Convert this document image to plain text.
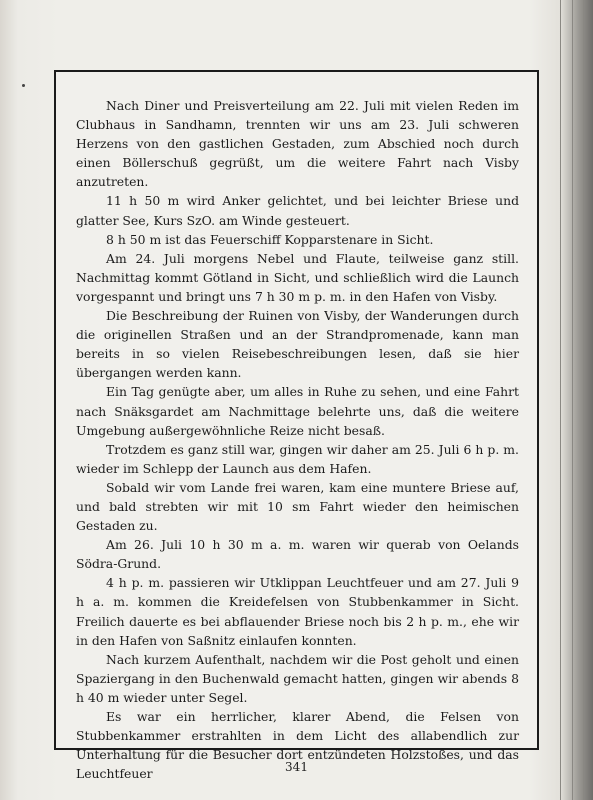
Nach Diner und Preisverteilung am 22. Juli mit vielen Reden im Clubhaus in Sandhamn, trennten wir uns am 23. Juli schweren Herzens von den gastlichen Gestaden, zum Abschied noch durch einen Böllerschuß gegrüßt, um die weitere Fahrt nach Visby anzutreten.

11 h 50 m wird Anker gelichtet, und bei leichter Briese und glatter See, Kurs SzO. am Winde gesteuert.

8 h 50 m ist das Feuerschiff Kopparstenare in Sicht.

Am 24. Juli morgens Nebel und Flaute, teilweise ganz still. Nachmittag kommt Götland in Sicht, und schließlich wird die Launch vorgespannt und bringt uns 7 h 30 m p. m. in den Hafen von Visby.

Die Beschreibung der Ruinen von Visby, der Wanderungen durch die originellen Straßen und an der Strandpromenade, kann man bereits in so vielen Reisebeschreibungen lesen, daß sie hier übergangen werden kann.

Ein Tag genügte aber, um alles in Ruhe zu sehen, und eine Fahrt nach Snäksgardet am Nachmittage belehrte uns, daß die weitere Umgebung außergewöhnliche Reize nicht besaß.

Trotzdem es ganz still war, gingen wir daher am 25. Juli 6 h p. m. wieder im Schlepp der Launch aus dem Hafen.

Sobald wir vom Lande frei waren, kam eine muntere Briese auf, und bald strebten wir mit 10 sm Fahrt wieder den heimischen Gestaden zu.

Am 26. Juli 10 h 30 m a. m. waren wir querab von Oelands Södra-Grund.

4 h p. m. passieren wir Utklippan Leuchtfeuer und am 27. Juli 9 h a. m. kommen die Kreidefelsen von Stubbenkammer in Sicht. Freilich dauerte es bei abflauender Briese noch bis 2 h p. m., ehe wir in den Hafen von Saßnitz einlaufen konnten.

Nach kurzem Aufenthalt, nachdem wir die Post geholt und einen Spaziergang in den Buchenwald gemacht hatten, gingen wir abends 8 h 40 m wieder unter Segel.

Es war ein herrlicher, klarer Abend, die Felsen von Stubbenkammer erstrahlten in dem Licht des allabendlich zur Unterhaltung für die Besucher dort entzündeten Holzstoßes, und das Leuchtfeuer	341
